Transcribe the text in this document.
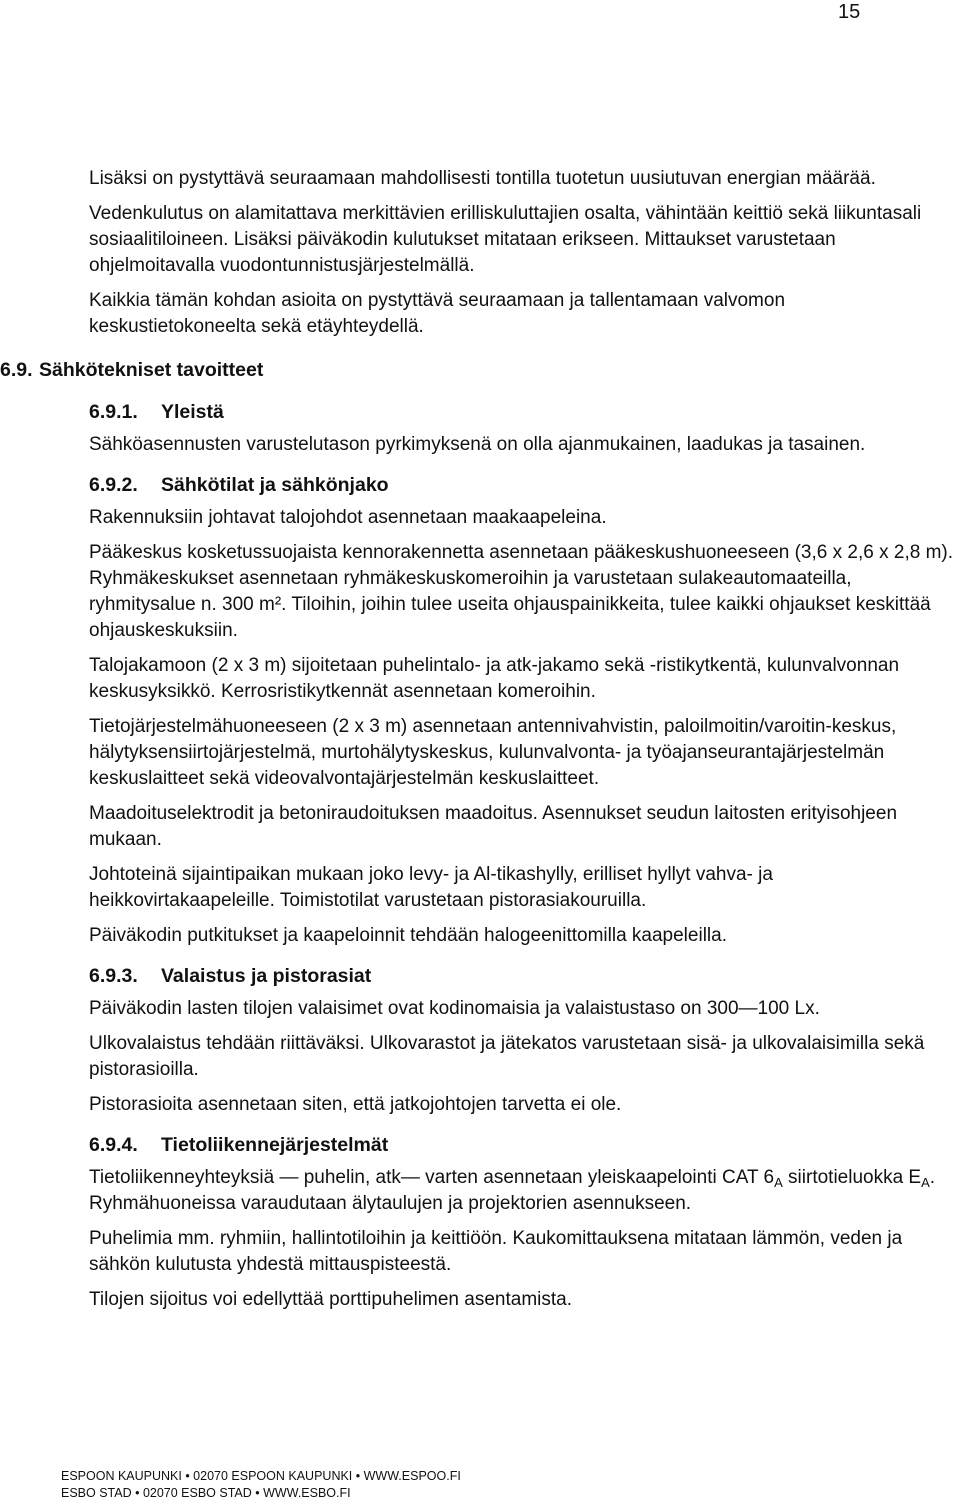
15

Lisäksi on pystyttävä seuraamaan mahdollisesti tontilla tuotetun uusiutuvan energian määrää.

Vedenkulutus on alamitattava merkittävien erilliskuluttajien osalta, vähintään keittiö sekä liikuntasali sosiaalitiloineen. Lisäksi päiväkodin kulutukset mitataan erikseen. Mittaukset varustetaan ohjelmoitavalla vuodontunnistusjärjestelmällä.

Kaikkia tämän kohdan asioita on pystyttävä seuraamaan ja tallentamaan valvomon keskustietokoneelta sekä etäyhteydellä.

6.9. Sähkötekniset tavoitteet
6.9.1. Yleistä

Sähköasennusten varustelutason pyrkimyksenä on olla ajanmukainen, laadukas ja tasainen.

6.9.2. Sähkötilat ja sähkönjako

Rakennuksiin johtavat talojohdot asennetaan maakaapeleina.

Pääkeskus kosketussuojaista kennorakennetta asennetaan pääkeskushuoneeseen (3,6 x 2,6 x 2,8 m). Ryhmäkeskukset asennetaan ryhmäkeskuskomeroihin ja varustetaan sulakeautomaateilla, ryhmitysalue n. 300 m². Tiloihin, joihin tulee useita ohjauspainikkeita, tulee kaikki ohjaukset keskittää ohjauskeskuksiin.

Talojakamoon (2 x 3 m) sijoitetaan puhelintalo- ja atk-jakamo sekä -ristikytkentä, kulunvalvonnan keskusyksikkö. Kerrosristikytkennät asennetaan komeroihin.

Tietojärjestelmähuoneeseen (2 x 3 m) asennetaan antennivahvistin, paloilmoitin/varoitin-keskus, hälytyksensiirtojärjestelmä, murtohälytyskeskus, kulunvalvonta- ja työajanseurantajärjestelmän keskuslaitteet sekä videovalvontajärjestelmän keskuslaitteet.

Maadoituselektrodit ja betoniraudoituksen maadoitus. Asennukset seudun laitosten erityisohjeen mukaan.

Johtoteinä sijaintipaikan mukaan joko levy- ja Al-tikashylly, erilliset hyllyt vahva- ja heikkovirtakaapeleille. Toimistotilat varustetaan pistorasiakouruilla.

Päiväkodin putkitukset ja kaapeloinnit tehdään halogeenittomilla kaapeleilla.

6.9.3. Valaistus ja pistorasiat

Päiväkodin lasten tilojen valaisimet ovat kodinomaisia ja valaistustaso on 300—100 Lx.

Ulkovalaistus tehdään riittäväksi. Ulkovarastot ja jätekatos varustetaan sisä- ja ulkovalaisimilla sekä pistorasioilla.

Pistorasioita asennetaan siten, että jatkojohtojen tarvetta ei ole.

6.9.4. Tietoliikennejärjestelmät

Tietoliikenneyhteyksiä — puhelin, atk— varten asennetaan yleiskaapelointi CAT $6_A$ siirtotieluokka $E_A$. Ryhmähuoneissa varaudutaan älytaulujen ja projektorien asennukseen.

Puhelimia mm. ryhmiin, hallintotiloihin ja keittiöön. Kaukomittauksena mitataan lämmön, veden ja sähkön kulutusta yhdestä mittauspisteestä.

Tilojen sijoitus voi edellyttää porttipuhelimen asentamista.

ESPOON KAUPUNKI • 02070 ESPOON KAUPUNKI • WWW.ESPOO.FI
ESBO STAD • 02070 ESBO STAD • WWW.ESBO.FI
